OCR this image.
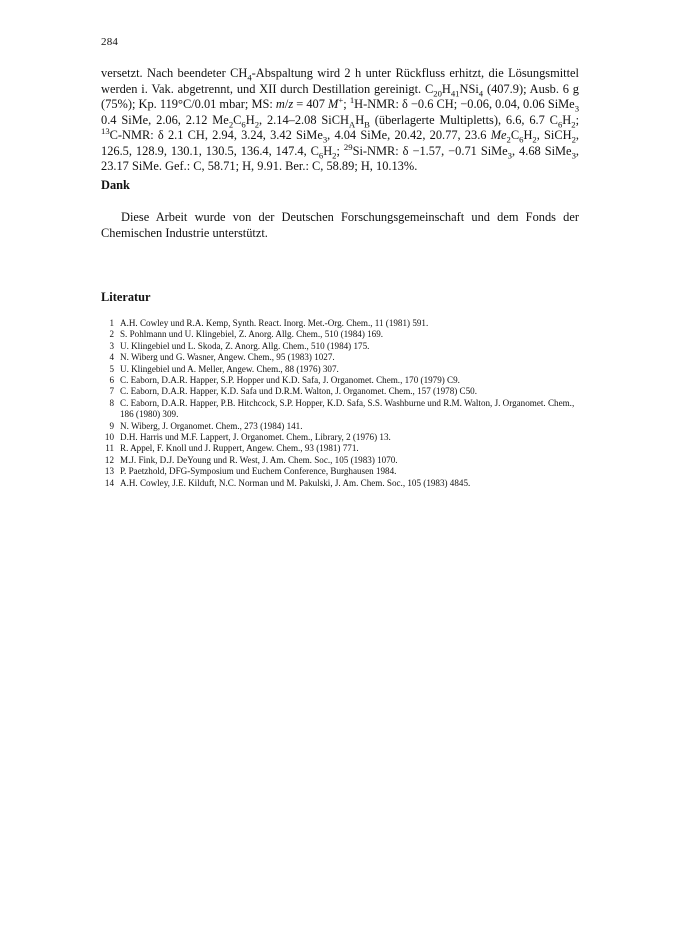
284
versetzt. Nach beendeter $CH_4$-Abspaltung wird 2 h unter Rückfluss erhitzt, die Lösungsmittel werden i. Vak. abgetrennt, und XII durch Destillation gereinigt. $C_{20}H_{41}NSi_4$ (407.9); Ausb. 6 g (75%); Kp. 119°C/0.01 mbar; MS: m/z = 407 M+; $^1$H-NMR: δ −0.6 CH; −0.06, 0.04, 0.06 SiMe$_3$ 0.4 SiMe, 2.06, 2.12 $Me_2C_6H_2$, 2.14–2.08 $SiCH_AH_B$ (überlagerte Multipletts), 6.6, 6.7 $C_6H_2$; $^{13}$C-NMR: δ 2.1 CH, 2.94, 3.24, 3.42 SiMe$_3$, 4.04 SiMe, 20.42, 20.77, 23.6 $Me_2C_6H_2$, SiCH$_2$, 126.5, 128.9, 130.1, 130.5, 136.4, 147.4, $C_6H_2$; $^{29}$Si-NMR: δ −1.57, −0.71 SiMe$_3$, 4.68 SiMe$_3$, 23.17 SiMe. Gef.: C, 58.71; H, 9.91. Ber.: C, 58.89; H, 10.13%.
Dank
Diese Arbeit wurde von der Deutschen Forschungsgemeinschaft und dem Fonds der Chemischen Industrie unterstützt.
Literatur
1 A.H. Cowley und R.A. Kemp, Synth. React. Inorg. Met.-Org. Chem., 11 (1981) 591.
2 S. Pohlmann und U. Klingebiel, Z. Anorg. Allg. Chem., 510 (1984) 169.
3 U. Klingebiel und L. Skoda, Z. Anorg. Allg. Chem., 510 (1984) 175.
4 N. Wiberg und G. Wasner, Angew. Chem., 95 (1983) 1027.
5 U. Klingebiel und A. Meller, Angew. Chem., 88 (1976) 307.
6 C. Eaborn, D.A.R. Happer, S.P. Hopper und K.D. Safa, J. Organomet. Chem., 170 (1979) C9.
7 C. Eaborn, D.A.R. Happer, K.D. Safa und D.R.M. Walton, J. Organomet. Chem., 157 (1978) C50.
8 C. Eaborn, D.A.R. Happer, P.B. Hitchcock, S.P. Hopper, K.D. Safa, S.S. Washburne und R.M. Walton, J. Organomet. Chem., 186 (1980) 309.
9 N. Wiberg, J. Organomet. Chem., 273 (1984) 141.
10 D.H. Harris und M.F. Lappert, J. Organomet. Chem., Library, 2 (1976) 13.
11 R. Appel, F. Knoll und J. Ruppert, Angew. Chem., 93 (1981) 771.
12 M.J. Fink, D.J. DeYoung und R. West, J. Am. Chem. Soc., 105 (1983) 1070.
13 P. Paetzhold, DFG-Symposium und Euchem Conference, Burghausen 1984.
14 A.H. Cowley, J.E. Kilduft, N.C. Norman und M. Pakulski, J. Am. Chem. Soc., 105 (1983) 4845.
